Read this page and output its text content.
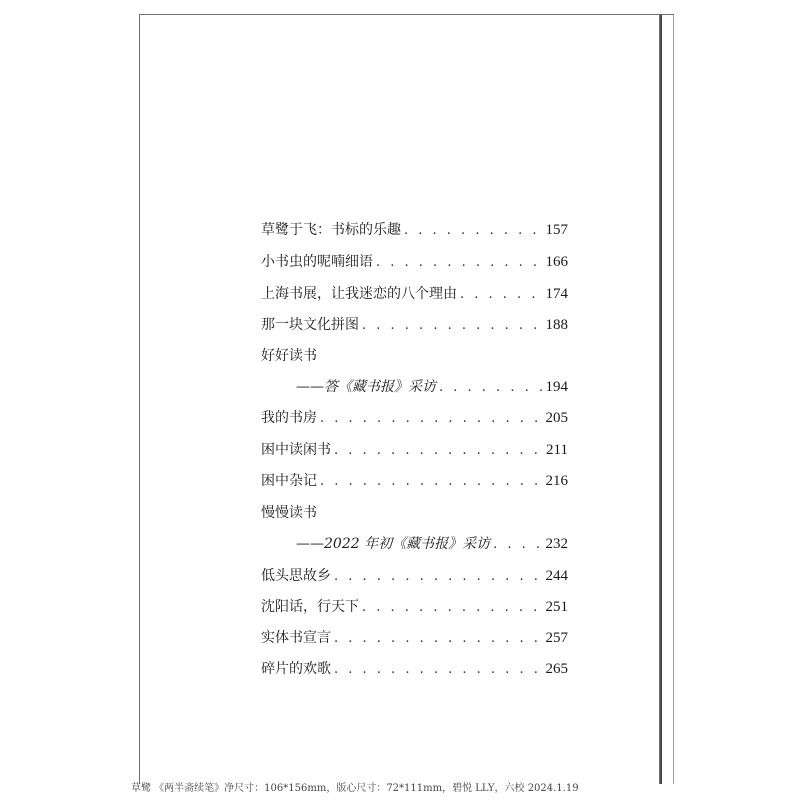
草鹭于飞：书标的乐趣 . . .	157
小书虫的呢喃细语 . . .	166
上海书展，让我迷恋的八个理由 . . .	174
那一块文化拼图 . . .	188
好好读书
——答《藏书报》采访 . . .	194
我的书房 . . .	205
困中读闲书 . . .	211
困中杂记 . . .	216
慢慢读书
——2022 年初《藏书报》采访 . . .	232
低头思故乡 . . .	244
沈阳话，行天下 . . .	251
实体书宣言 . . .	257
碎片的欢歌 . . .	265
草鹭 《两半斋续笔》净尺寸：106*156mm，版心尺寸：72*111mm，碧悦 LLY，六校 2024.1.19
